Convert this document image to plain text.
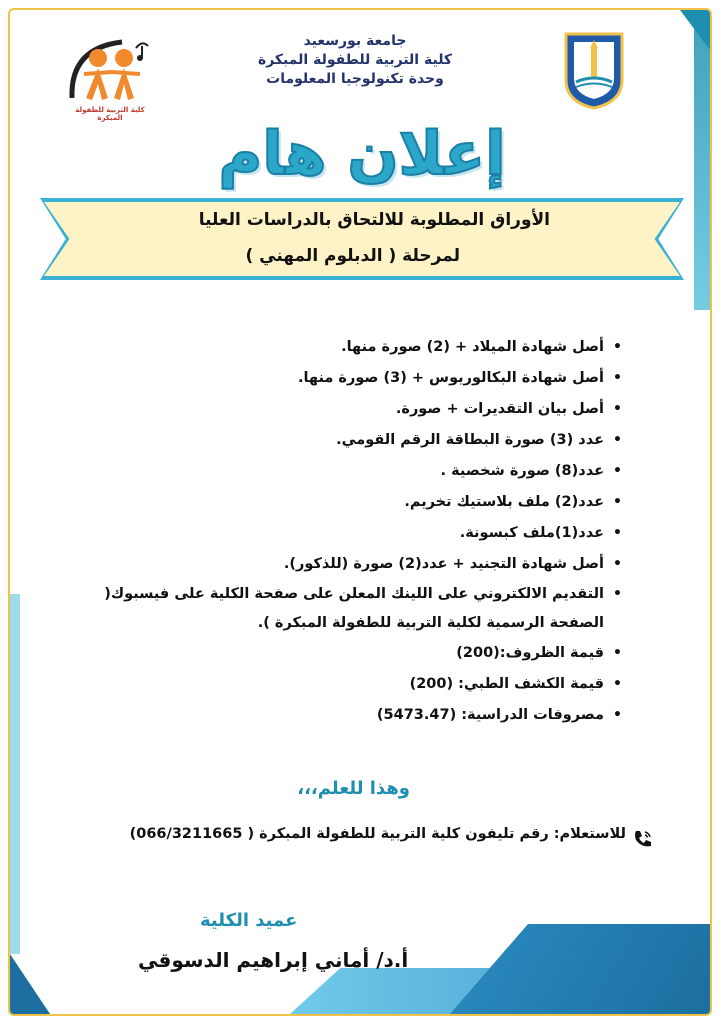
جامعة بورسعيد
كلية التربية للطفولة المبكرة
وحدة تكنولوجيا المعلومات
كلية التربية للطفولة المبكرة
إعلان هام
الأوراق المطلوبة للالتحاق بالدراسات العليا
لمرحلة ( الدبلوم المهني )
• أصل شهادة الميلاد + (2) صورة منها.
• أصل شهادة البكالوريوس + (3) صورة منها.
• أصل بيان التقديرات + صورة.
• عدد (3) صورة البطاقة الرقم القومي.
• عدد(8) صورة شخصية .
• عدد(2) ملف بلاستيك تخريم.
• عدد(1)ملف كبسونة.
• أصل شهادة التجنيد + عدد(2) صورة (للذكور).
• التقديم الالكتروني على اللينك المعلن على صفحة الكلية على فيسبوك( الصفحة الرسمية لكلية التربية للطفولة المبكرة ).
• قيمة الظروف:(200)
• قيمة الكشف الطبي: (200)
• مصروفات الدراسية: (5473.47)
وهذا للعلم،،،
للاستعلام: رقم تليفون كلية التربية للطفولة المبكرة ( 066/3211665)
عميد الكلية
أ.د/ أماني إبراهيم الدسوقي
